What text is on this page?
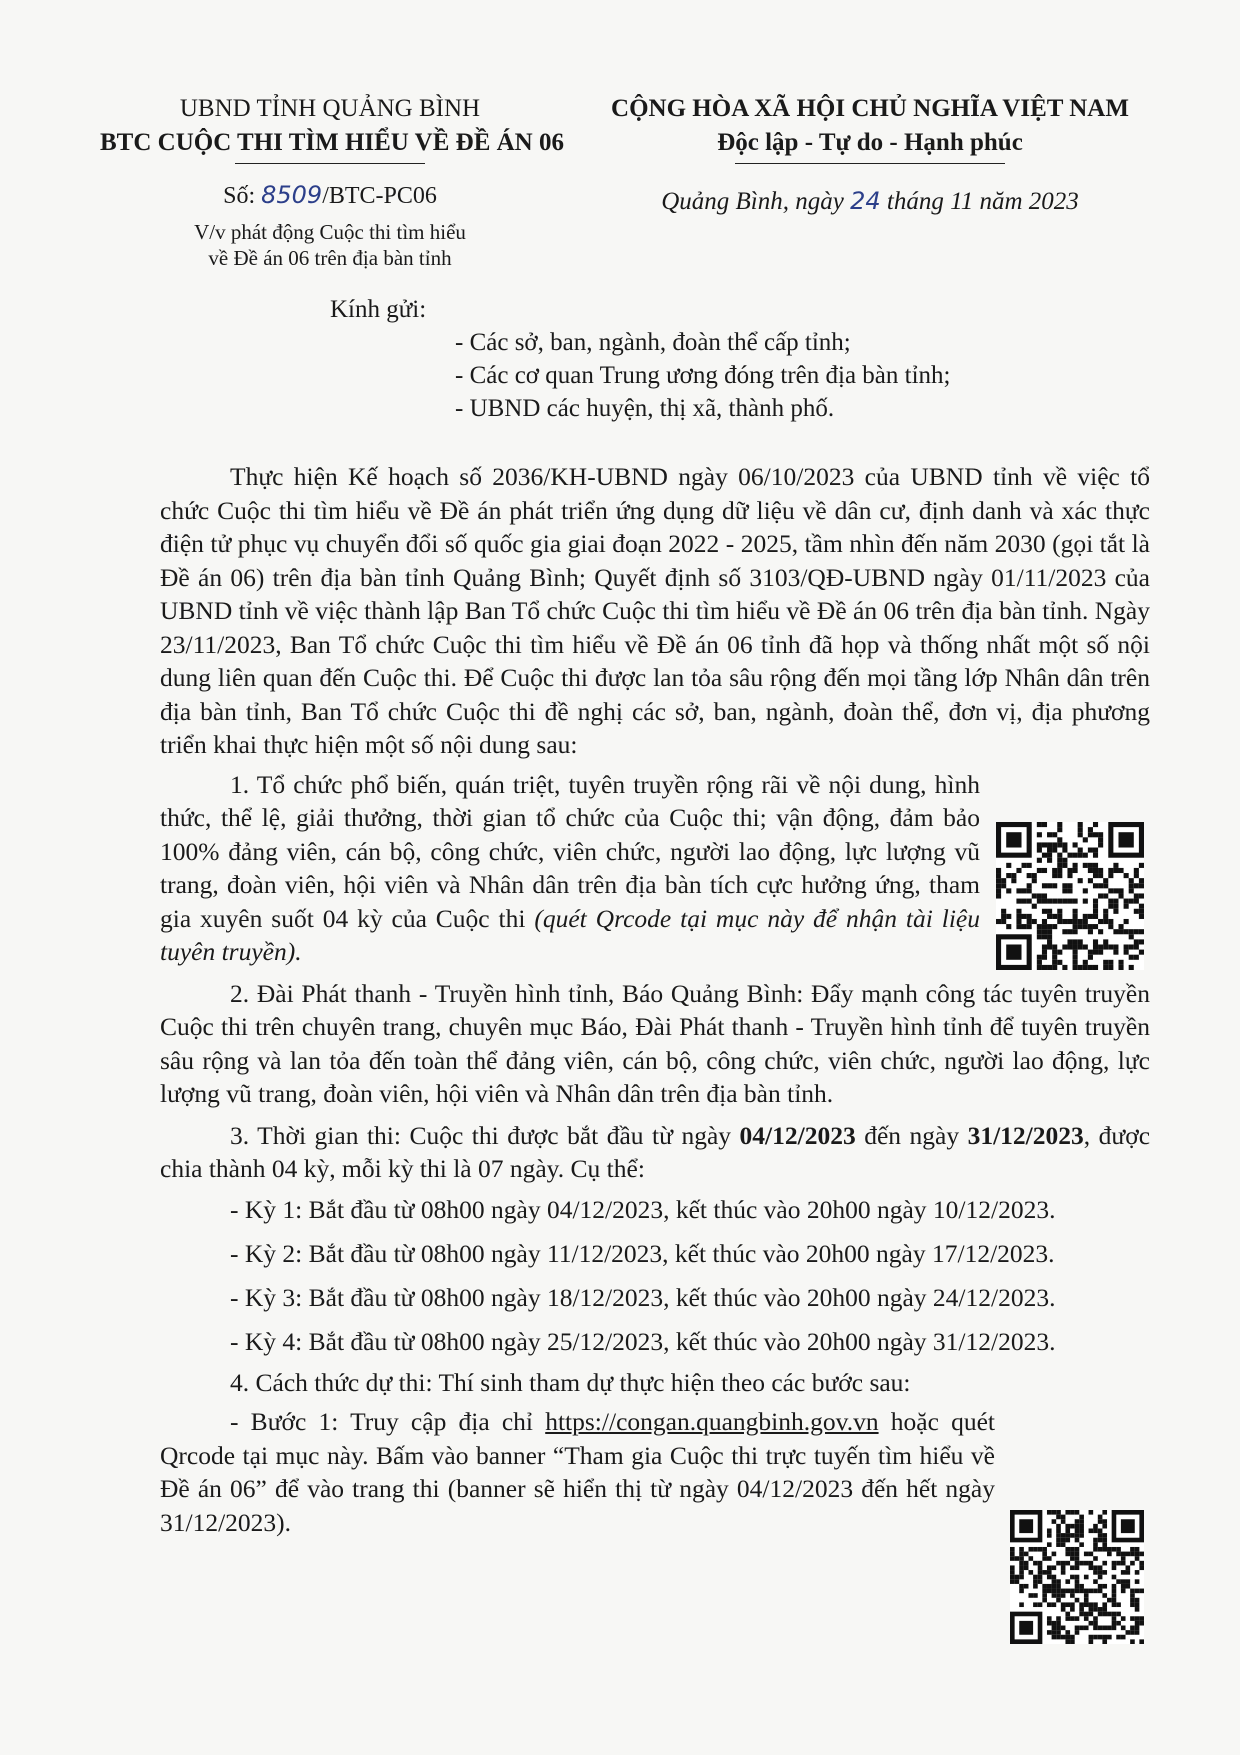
UBND TỈNH QUẢNG BÌNH
BTC CUỘC THI TÌM HIỂU VỀ ĐỀ ÁN 06
Số: 8509/BTC-PC06
V/v phát động Cuộc thi tìm hiểu
về Đề án 06 trên địa bàn tỉnh
CỘNG HÒA XÃ HỘI CHỦ NGHĨA VIỆT NAM
Độc lập - Tự do - Hạnh phúc
Quảng Bình, ngày 24 tháng 11 năm 2023
Kính gửi:
- Các sở, ban, ngành, đoàn thể cấp tỉnh;
- Các cơ quan Trung ương đóng trên địa bàn tỉnh;
- UBND các huyện, thị xã, thành phố.

Thực hiện Kế hoạch số 2036/KH-UBND ngày 06/10/2023 của UBND tỉnh về việc tổ chức Cuộc thi tìm hiểu về Đề án phát triển ứng dụng dữ liệu về dân cư, định danh và xác thực điện tử phục vụ chuyển đổi số quốc gia giai đoạn 2022 - 2025, tầm nhìn đến năm 2030 (gọi tắt là Đề án 06) trên địa bàn tỉnh Quảng Bình; Quyết định số 3103/QĐ-UBND ngày 01/11/2023 của UBND tỉnh về việc thành lập Ban Tổ chức Cuộc thi tìm hiểu về Đề án 06 trên địa bàn tỉnh. Ngày 23/11/2023, Ban Tổ chức Cuộc thi tìm hiểu về Đề án 06 tỉnh đã họp và thống nhất một số nội dung liên quan đến Cuộc thi. Để Cuộc thi được lan tỏa sâu rộng đến mọi tầng lớp Nhân dân trên địa bàn tỉnh, Ban Tổ chức Cuộc thi đề nghị các sở, ban, ngành, đoàn thể, đơn vị, địa phương triển khai thực hiện một số nội dung sau:

1. Tổ chức phổ biến, quán triệt, tuyên truyền rộng rãi về nội dung, hình thức, thể lệ, giải thưởng, thời gian tổ chức của Cuộc thi; vận động, đảm bảo 100% đảng viên, cán bộ, công chức, viên chức, người lao động, lực lượng vũ trang, đoàn viên, hội viên và Nhân dân trên địa bàn tích cực hưởng ứng, tham gia xuyên suốt 04 kỳ của Cuộc thi (quét Qrcode tại mục này để nhận tài liệu tuyên truyền).

2. Đài Phát thanh - Truyền hình tỉnh, Báo Quảng Bình: Đẩy mạnh công tác tuyên truyền Cuộc thi trên chuyên trang, chuyên mục Báo, Đài Phát thanh - Truyền hình tỉnh để tuyên truyền sâu rộng và lan tỏa đến toàn thể đảng viên, cán bộ, công chức, viên chức, người lao động, lực lượng vũ trang, đoàn viên, hội viên và Nhân dân trên địa bàn tỉnh.

3. Thời gian thi: Cuộc thi được bắt đầu từ ngày 04/12/2023 đến ngày 31/12/2023, được chia thành 04 kỳ, mỗi kỳ thi là 07 ngày. Cụ thể:

- Kỳ 1: Bắt đầu từ 08h00 ngày 04/12/2023, kết thúc vào 20h00 ngày 10/12/2023.

- Kỳ 2: Bắt đầu từ 08h00 ngày 11/12/2023, kết thúc vào 20h00 ngày 17/12/2023.

- Kỳ 3: Bắt đầu từ 08h00 ngày 18/12/2023, kết thúc vào 20h00 ngày 24/12/2023.

- Kỳ 4: Bắt đầu từ 08h00 ngày 25/12/2023, kết thúc vào 20h00 ngày 31/12/2023.

4. Cách thức dự thi: Thí sinh tham dự thực hiện theo các bước sau:

- Bước 1: Truy cập địa chỉ https://congan.quangbinh.gov.vn hoặc quét Qrcode tại mục này. Bấm vào banner “Tham gia Cuộc thi trực tuyến tìm hiểu về Đề án 06” để vào trang thi (banner sẽ hiển thị từ ngày 04/12/2023 đến hết ngày 31/12/2023).
